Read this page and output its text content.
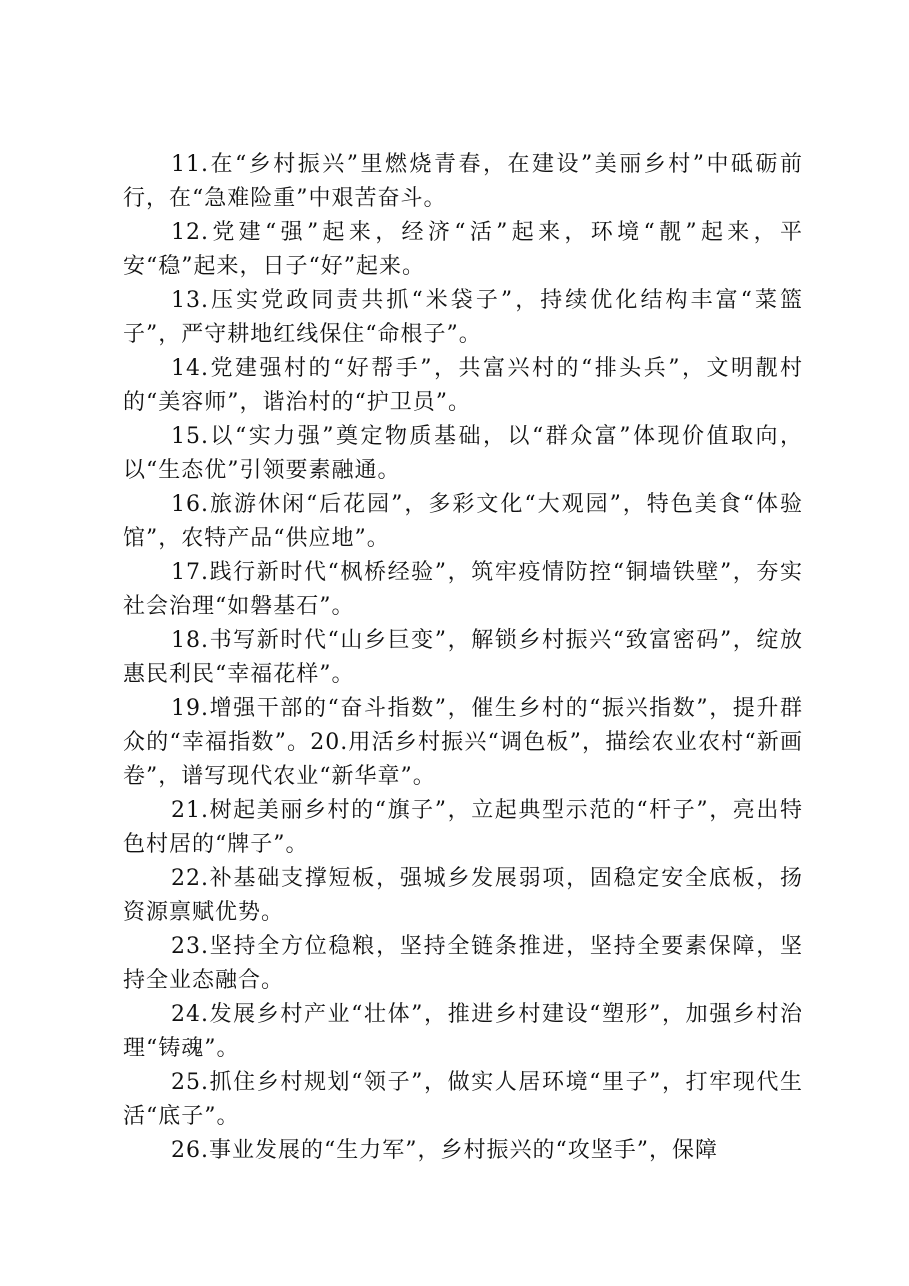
11.在“乡村振兴”里燃烧青春，在建设”美丽乡村”中砥砺前行，在“急难险重”中艰苦奋斗。

12.党建“强”起来，经济“活”起来，环境“靓”起来，平安“稳”起来，日子“好”起来。

13.压实党政同责共抓“米袋子”，持续优化结构丰富“菜篮子”，严守耕地红线保住“命根子”。

14.党建强村的“好帮手”，共富兴村的“排头兵”，文明靓村的“美容师”，谐治村的“护卫员”。

15.以“实力强”奠定物质基础，以“群众富”体现价值取向，以“生态优”引领要素融通。

16.旅游休闲“后花园”，多彩文化“大观园”，特色美食“体验馆”，农特产品“供应地”。

17.践行新时代“枫桥经验”，筑牢疫情防控“铜墙铁壁”，夯实社会治理“如磐基石”。

18.书写新时代“山乡巨变”，解锁乡村振兴“致富密码”，绽放惠民利民“幸福花样”。

19.增强干部的“奋斗指数”，催生乡村的“振兴指数”，提升群众的“幸福指数”。20.用活乡村振兴“调色板”，描绘农业农村“新画卷”，谱写现代农业“新华章”。

21.树起美丽乡村的“旗子”，立起典型示范的“杆子”，亮出特色村居的“牌子”。

22.补基础支撑短板，强城乡发展弱项，固稳定安全底板，扬资源禀赋优势。

23.坚持全方位稳粮，坚持全链条推进，坚持全要素保障，坚持全业态融合。

24.发展乡村产业“壮体”，推进乡村建设“塑形”，加强乡村治理“铸魂”。

25.抓住乡村规划“领子”，做实人居环境“里子”，打牢现代生活“底子”。

26.事业发展的“生力军”，乡村振兴的“攻坚手”，保障
